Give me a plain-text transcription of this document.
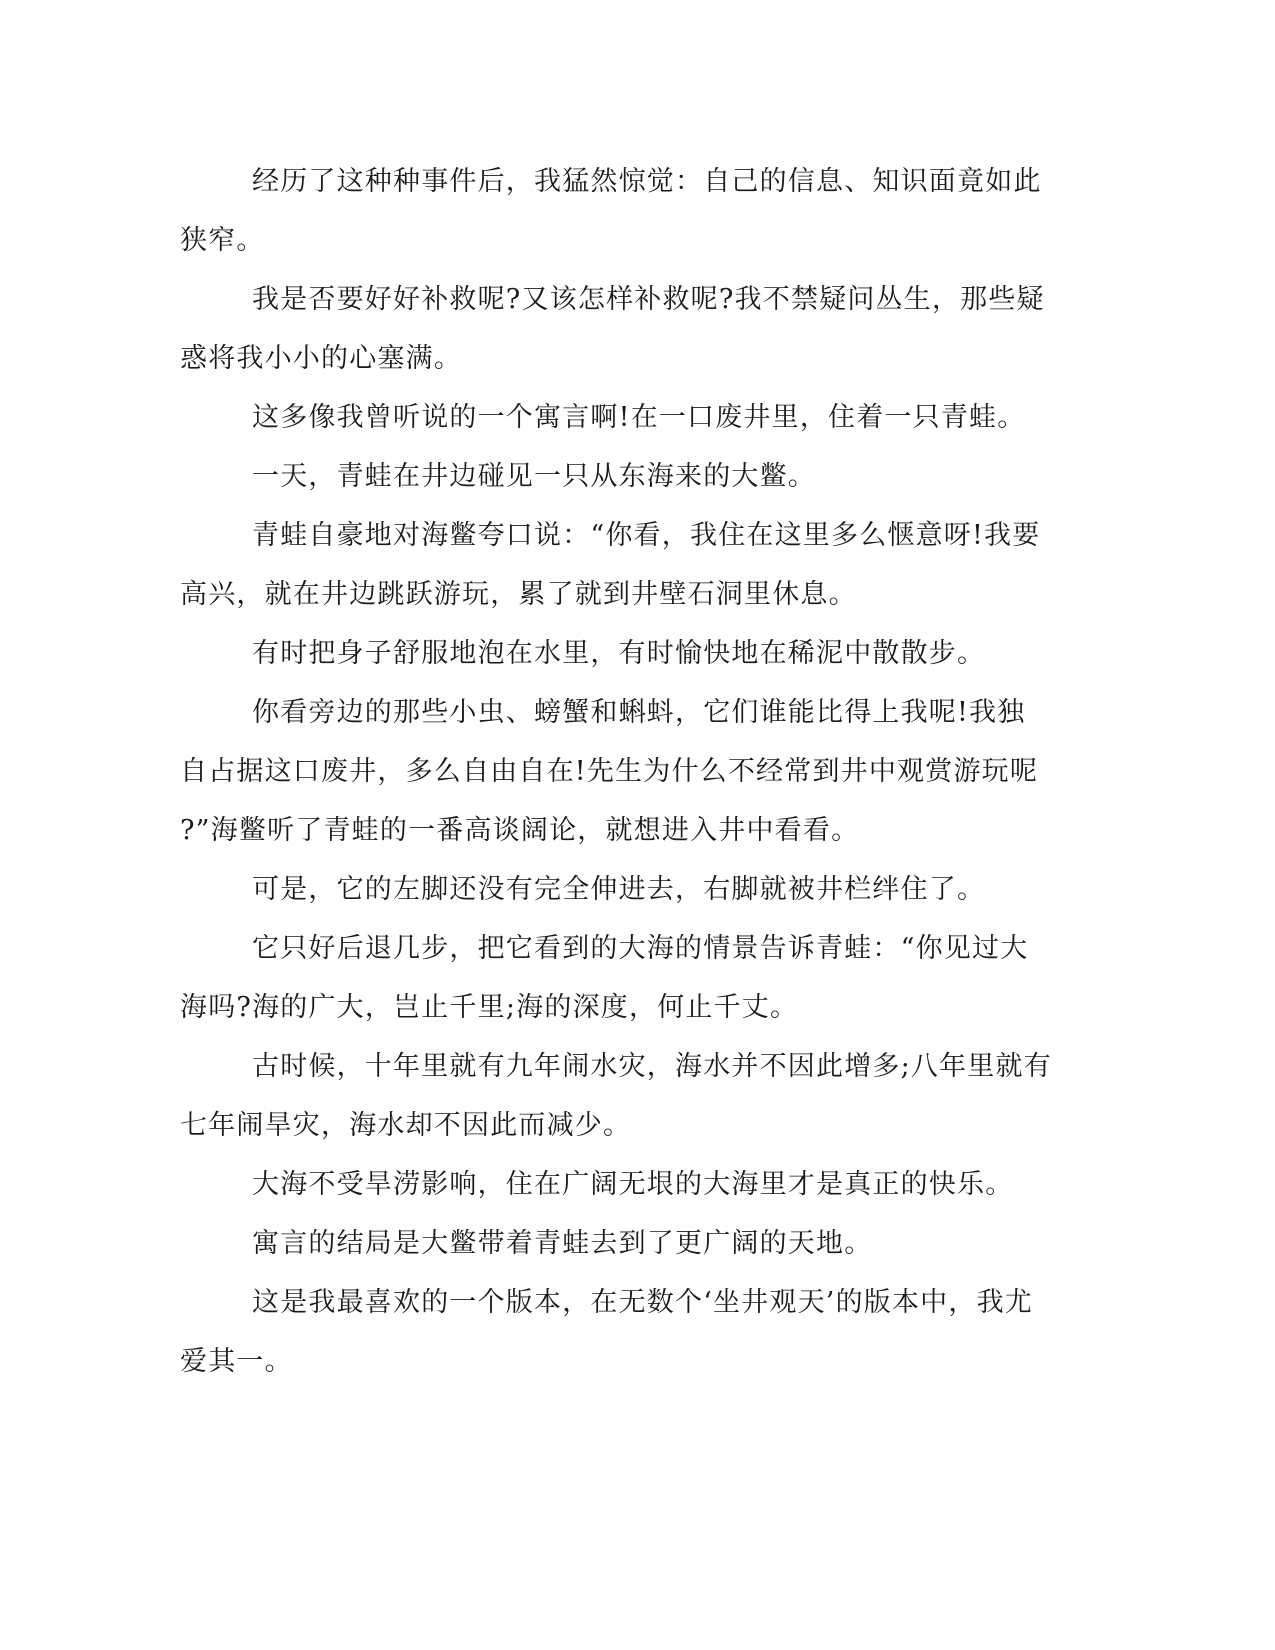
经历了这种种事件后，我猛然惊觉：自己的信息、知识面竟如此
狭窄。
我是否要好好补救呢?又该怎样补救呢?我不禁疑问丛生，那些疑
惑将我小小的心塞满。
这多像我曾听说的一个寓言啊!在一口废井里，住着一只青蛙。
一天，青蛙在井边碰见一只从东海来的大鳖。
青蛙自豪地对海鳖夸口说：“你看，我住在这里多么惬意呀!我要
高兴，就在井边跳跃游玩，累了就到井壁石洞里休息。
有时把身子舒服地泡在水里，有时愉快地在稀泥中散散步。
你看旁边的那些小虫、螃蟹和蝌蚪，它们谁能比得上我呢!我独
自占据这口废井，多么自由自在!先生为什么不经常到井中观赏游玩呢
?”海鳖听了青蛙的一番高谈阔论，就想进入井中看看。
可是，它的左脚还没有完全伸进去，右脚就被井栏绊住了。
它只好后退几步，把它看到的大海的情景告诉青蛙：“你见过大
海吗?海的广大，岂止千里;海的深度，何止千丈。
古时候，十年里就有九年闹水灾，海水并不因此增多;八年里就有
七年闹旱灾，海水却不因此而减少。
大海不受旱涝影响，住在广阔无垠的大海里才是真正的快乐。
寓言的结局是大鳖带着青蛙去到了更广阔的天地。
这是我最喜欢的一个版本，在无数个‘坐井观天’的版本中，我尤
爱其一。
